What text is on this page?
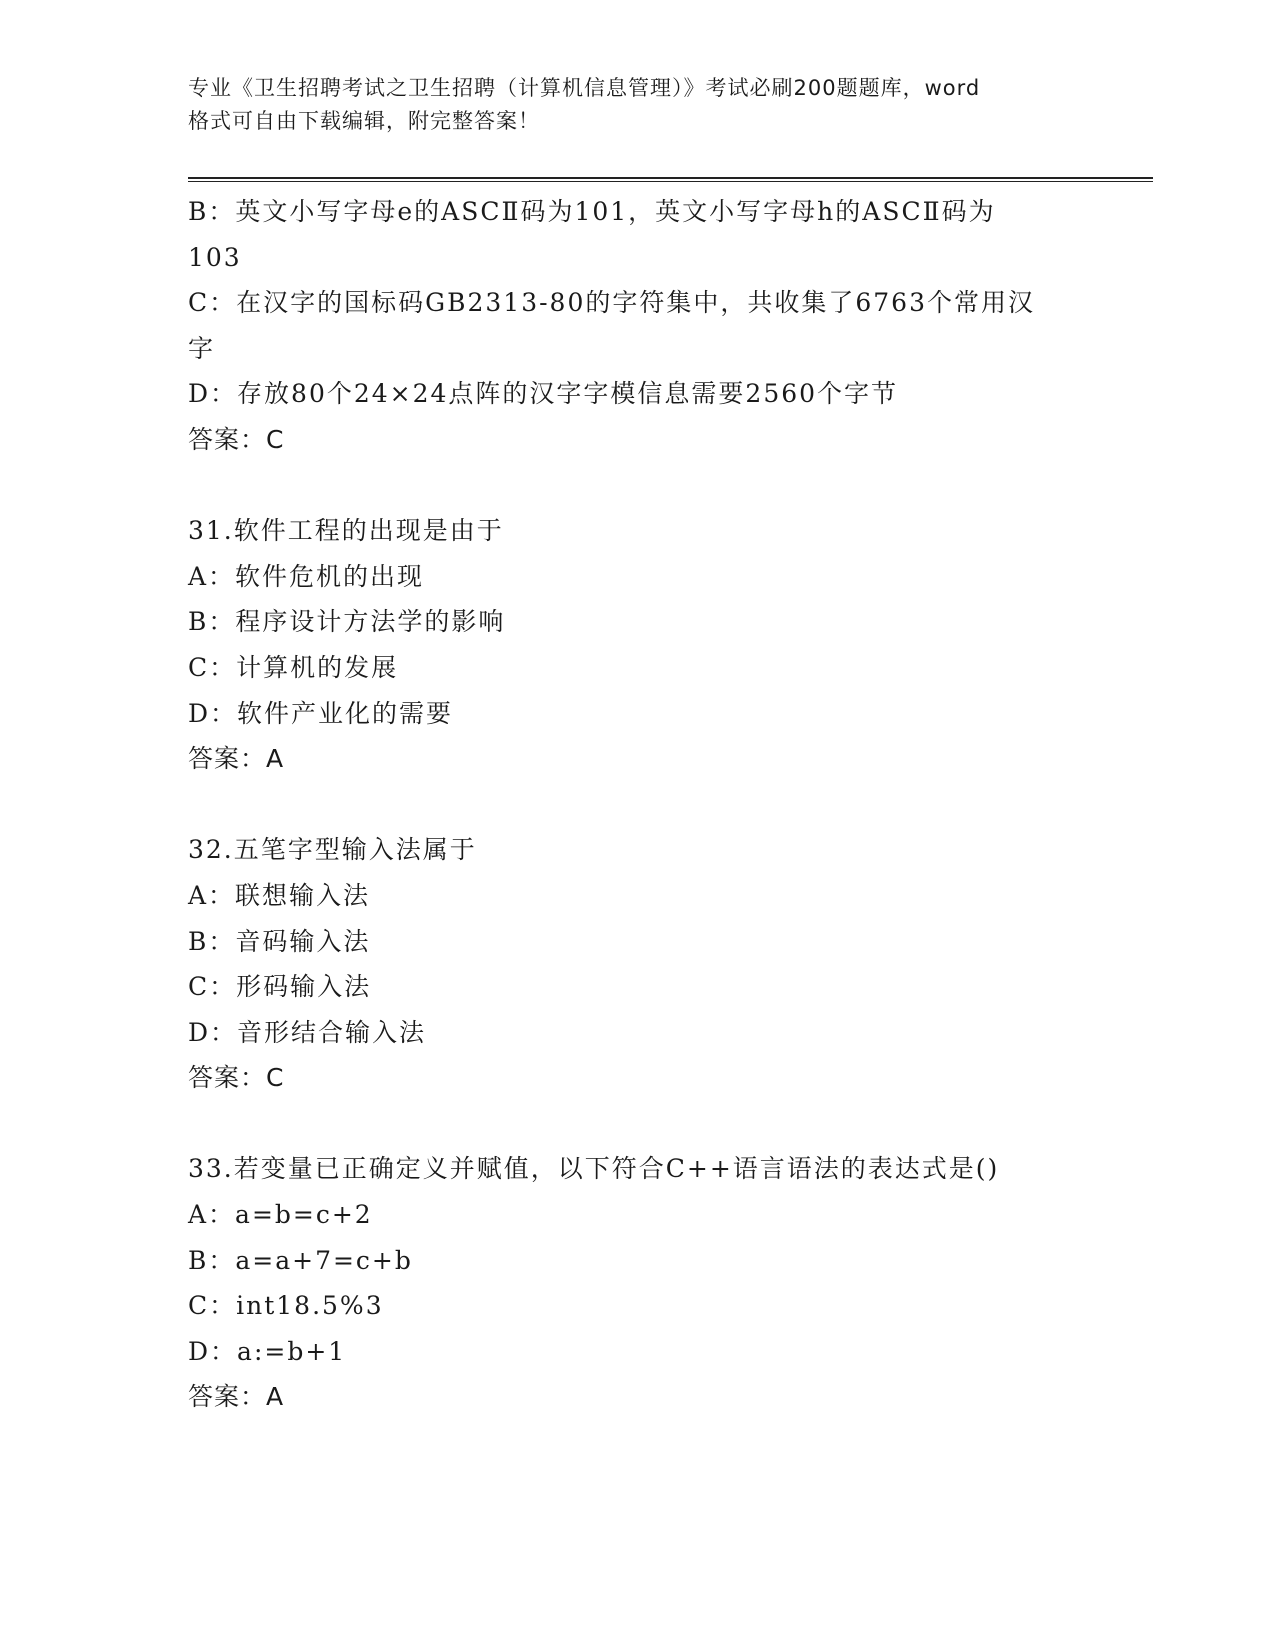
专业《卫生招聘考试之卫生招聘（计算机信息管理）》考试必刷200题题库，word
格式可自由下载编辑，附完整答案！
B：英文小写字母e的ASCⅡ码为101，英文小写字母h的ASCⅡ码为
103
C：在汉字的国标码GB2313-80的字符集中，共收集了6763个常用汉
字
D：存放80个24×24点阵的汉字字模信息需要2560个字节
答案：C
31.软件工程的出现是由于
A：软件危机的出现
B：程序设计方法学的影响
C：计算机的发展
D：软件产业化的需要
答案：A
32.五笔字型输入法属于
A：联想输入法
B：音码输入法
C：形码输入法
D：音形结合输入法
答案：C
33.若变量已正确定义并赋值，以下符合C++语言语法的表达式是()
A：a=b=c+2
B：a=a+7=c+b
C：int18.5%3
D：a:=b+1
答案：A
